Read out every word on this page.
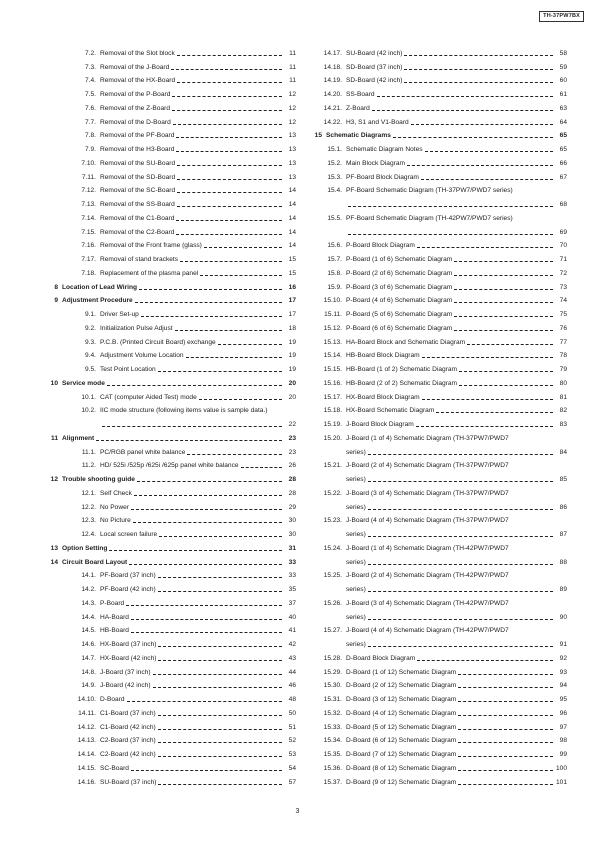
TH-37PW7BX
7.2. Removal of the Slot block	11
7.3. Removal of the J-Board	11
7.4. Removal of the HX-Board	11
7.5. Removal of the P-Board	12
7.6. Removal of the Z-Board	12
7.7. Removal of the D-Board	12
7.8. Removal of the PF-Board	13
7.9. Removal of the H3-Board	13
7.10. Removal of the SU-Board	13
7.11. Removal of the SD-Board	13
7.12. Removal of the SC-Board	14
7.13. Removal of the SS-Board	14
7.14. Removal of the C1-Board	14
7.15. Removal of the C2-Board	14
7.16. Removal of the Front frame (glass)	14
7.17. Removal of stand brackets	15
7.18. Replacement of the plasma panel	15
8 Location of Lead Wiring	16
9 Adjustment Procedure	17
9.1. Driver Set-up	17
9.2. Initialization Pulse Adjust	18
9.3. P.C.B. (Printed Circuit Board) exchange	19
9.4. Adjustment Volume Location	19
9.5. Test Point Location	19
10 Service mode	20
10.1. CAT (computer Aided Test) mode	20
10.2. IIC mode structure (following items value is sample data.)
22
11 Alignment	23
11.1. PC/RGB panel white balance	23
11.2. HD/ 525i /525p /625i /625p panel white balance	26
12 Trouble shooting guide	28
12.1. Self Check	28
12.2. No Power	29
12.3. No Picture	30
12.4. Local screen failure	30
13 Option Setting	31
14 Circuit Board Layout	33
14.1. PF-Board (37 inch)	33
14.2. PF-Board (42 inch)	35
14.3. P-Board	37
14.4. HA-Board	40
14.5. HB-Board	41
14.6. HX-Board (37 inch)	42
14.7. HX-Board (42 inch)	43
14.8. J-Board (37 inch)	44
14.9. J-Board (42 inch)	46
14.10. D-Board	48
14.11. C1-Board (37 inch)	50
14.12. C1-Board (42 inch)	51
14.13. C2-Board (37 inch)	52
14.14. C2-Board (42 inch)	53
14.15. SC-Board	54
14.16. SU-Board (37 inch)	57
14.17. SU-Board (42 inch)	58
14.18. SD-Board (37 inch)	59
14.19. SD-Board (42 inch)	60
14.20. SS-Board	61
14.21. Z-Board	63
14.22. H3, S1 and V1-Board	64
15 Schematic Diagrams	65
15.1. Schematic Diagram Notes	65
15.2. Main Block Diagram	66
15.3. PF-Board Block Diagram	67
15.4. PF-Board Schematic Diagram (TH-37PW7/PWD7 series)
68
15.5. PF-Board Schematic Diagram (TH-42PW7/PWD7 series)
69
15.6. P-Board Block Diagram	70
15.7. P-Board (1 of 6) Schematic Diagram	71
15.8. P-Board (2 of 6) Schematic Diagram	72
15.9. P-Board (3 of 6) Schematic Diagram	73
15.10. P-Board (4 of 6) Schematic Diagram	74
15.11. P-Board (5 of 6) Schematic Diagram	75
15.12. P-Board (6 of 6) Schematic Diagram	76
15.13. HA-Board Block and Schematic Diagram	77
15.14. HB-Board Block Diagram	78
15.15. HB-Board (1 of 2) Schematic Diagram	79
15.16. HB-Board (2 of 2) Schematic Diagram	80
15.17. HX-Board Block Diagram	81
15.18. HX-Board Schematic Diagram	82
15.19. J-Board Block Diagram	83
15.20. J-Board (1 of 4) Schematic Diagram (TH-37PW7/PWD7
series)	84
15.21. J-Board (2 of 4) Schematic Diagram (TH-37PW7/PWD7
series)	85
15.22. J-Board (3 of 4) Schematic Diagram (TH-37PW7/PWD7
series)	86
15.23. J-Board (4 of 4) Schematic Diagram (TH-37PW7/PWD7
series)	87
15.24. J-Board (1 of 4) Schematic Diagram (TH-42PW7/PWD7
series)	88
15.25. J-Board (2 of 4) Schematic Diagram (TH-42PW7/PWD7
series)	89
15.26. J-Board (3 of 4) Schematic Diagram (TH-42PW7/PWD7
series)	90
15.27. J-Board (4 of 4) Schematic Diagram (TH-42PW7/PWD7
series)	91
15.28. D-Board Block Diagram	92
15.29. D-Board (1 of 12) Schematic Diagram	93
15.30. D-Board (2 of 12) Schematic Diagram	94
15.31. D-Board (3 of 12) Schematic Diagram	95
15.32. D-Board (4 of 12) Schematic Diagram	96
15.33. D-Board (5 of 12) Schematic Diagram	97
15.34. D-Board (6 of 12) Schematic Diagram	98
15.35. D-Board (7 of 12) Schematic Diagram	99
15.36. D-Board (8 of 12) Schematic Diagram	100
15.37. D-Board (9 of 12) Schematic Diagram	101
3
